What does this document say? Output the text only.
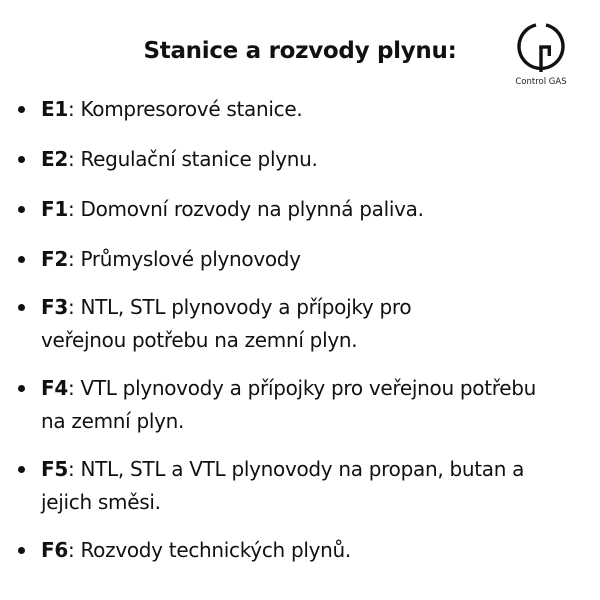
Stanice a rozvody plynu:
Control GAS
E1: Kompresorové stanice.
E2: Regulační stanice plynu.
F1: Domovní rozvody na plynná paliva.
F2: Průmyslové plynovody
F3: NTL, STL plynovody a přípojky pro veřejnou potřebu na zemní plyn.
F4: VTL plynovody a přípojky pro veřejnou potřebu na zemní plyn.
F5: NTL, STL a VTL plynovody na propan, butan a jejich směsi.
F6: Rozvody technických plynů.
